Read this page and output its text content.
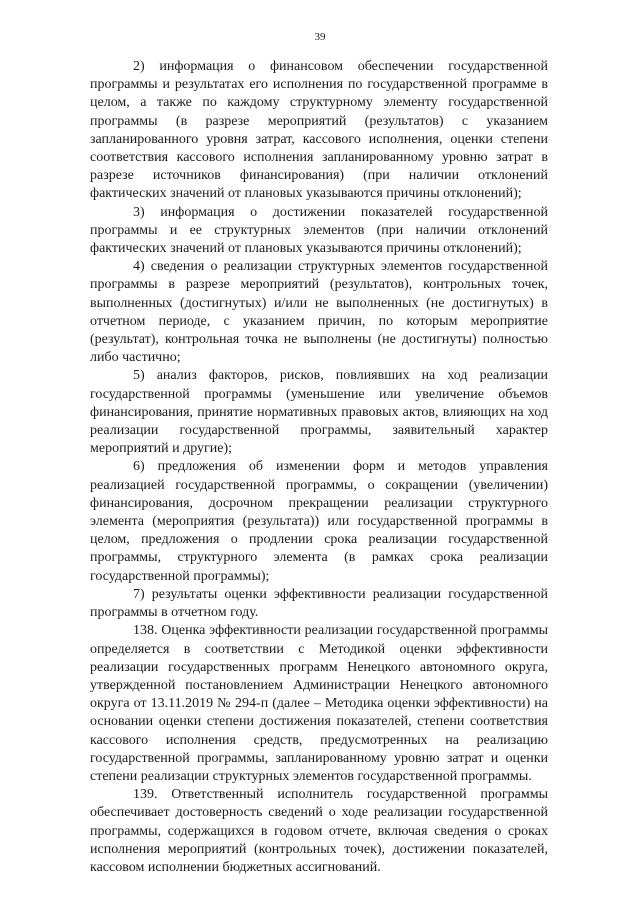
39

2) информация о финансовом обеспечении государственной программы и результатах его исполнения по государственной программе в целом, а также по каждому структурному элементу государственной программы (в разрезе мероприятий (результатов) с указанием запланированного уровня затрат, кассового исполнения, оценки степени соответствия кассового исполнения запланированному уровню затрат в разрезе источников финансирования) (при наличии отклонений фактических значений от плановых указываются причины отклонений);

3) информация о достижении показателей государственной программы и ее структурных элементов (при наличии отклонений фактических значений от плановых указываются причины отклонений);

4) сведения о реализации структурных элементов государственной программы в разрезе мероприятий (результатов), контрольных точек, выполненных (достигнутых) и/или не выполненных (не достигнутых) в отчетном периоде, с указанием причин, по которым мероприятие (результат), контрольная точка не выполнены (не достигнуты) полностью либо частично;

5) анализ факторов, рисков, повлиявших на ход реализации государственной программы (уменьшение или увеличение объемов финансирования, принятие нормативных правовых актов, влияющих на ход реализации государственной программы, заявительный характер мероприятий и другие);

6) предложения об изменении форм и методов управления реализацией государственной программы, о сокращении (увеличении) финансирования, досрочном прекращении реализации структурного элемента (мероприятия (результата)) или государственной программы в целом, предложения о продлении срока реализации государственной программы, структурного элемента (в рамках срока реализации государственной программы);

7) результаты оценки эффективности реализации государственной программы в отчетном году.

138. Оценка эффективности реализации государственной программы определяется в соответствии с Методикой оценки эффективности реализации государственных программ Ненецкого автономного округа, утвержденной постановлением Администрации Ненецкого автономного округа от 13.11.2019 № 294-п (далее – Методика оценки эффективности) на основании оценки степени достижения показателей, степени соответствия кассового исполнения средств, предусмотренных на реализацию государственной программы, запланированному уровню затрат и оценки степени реализации структурных элементов государственной программы.

139. Ответственный исполнитель государственной программы обеспечивает достоверность сведений о ходе реализации государственной программы, содержащихся в годовом отчете, включая сведения о сроках исполнения мероприятий (контрольных точек), достижении показателей, кассовом исполнении бюджетных ассигнований.
